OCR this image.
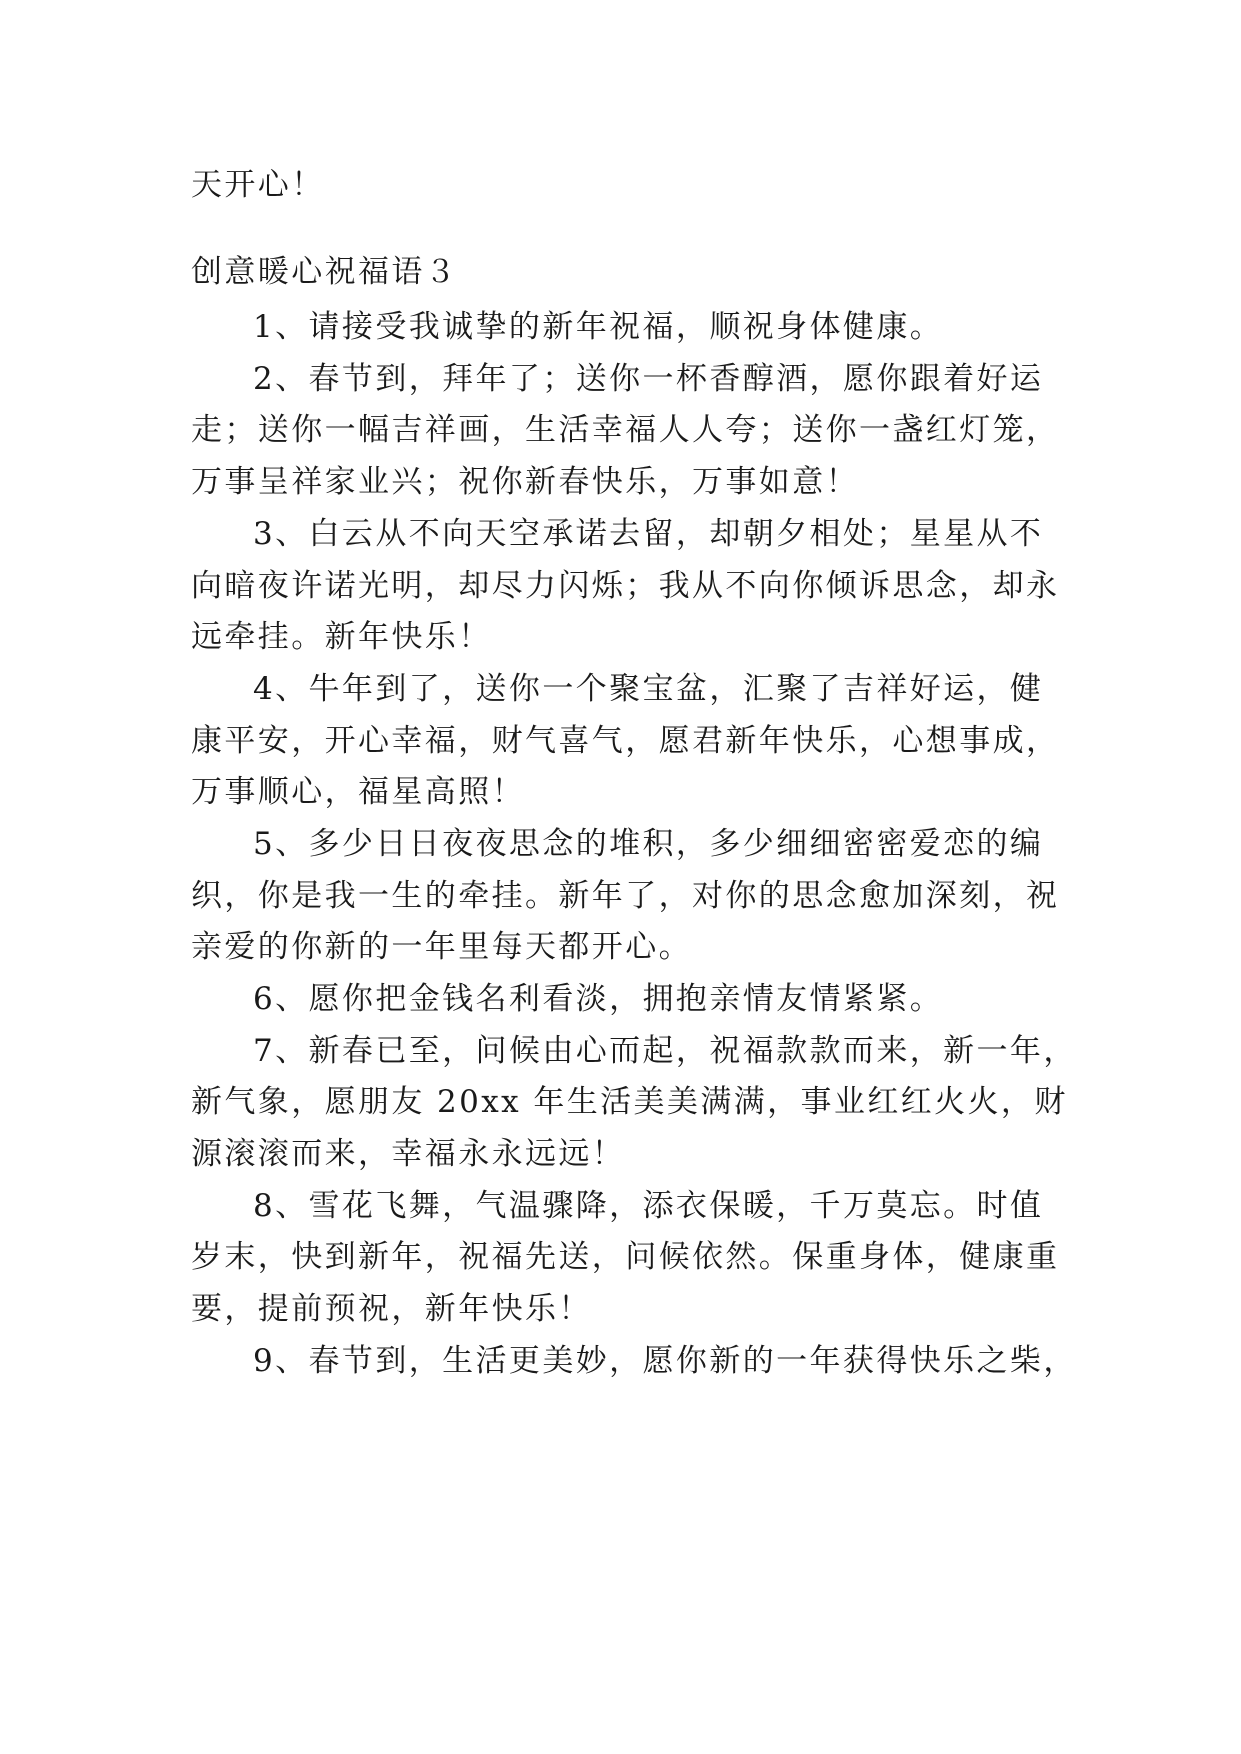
天开心！
创意暖心祝福语３
1、请接受我诚挚的新年祝福，顺祝身体健康。
2、春节到，拜年了；送你一杯香醇酒，愿你跟着好运
走；送你一幅吉祥画，生活幸福人人夸；送你一盏红灯笼，
万事呈祥家业兴；祝你新春快乐，万事如意！
3、白云从不向天空承诺去留，却朝夕相处；星星从不
向暗夜许诺光明，却尽力闪烁；我从不向你倾诉思念，却永
远牵挂。新年快乐！
4、牛年到了，送你一个聚宝盆，汇聚了吉祥好运，健
康平安，开心幸福，财气喜气，愿君新年快乐，心想事成，
万事顺心，福星高照！
5、多少日日夜夜思念的堆积，多少细细密密爱恋的编
织，你是我一生的牵挂。新年了，对你的思念愈加深刻，祝
亲爱的你新的一年里每天都开心。
6、愿你把金钱名利看淡，拥抱亲情友情紧紧。
7、新春已至，问候由心而起，祝福款款而来，新一年，
新气象，愿朋友 20xx 年生活美美满满，事业红红火火，财
源滚滚而来，幸福永永远远！
8、雪花飞舞，气温骤降，添衣保暖，千万莫忘。时值
岁末，快到新年，祝福先送，问候依然。保重身体，健康重
要，提前预祝，新年快乐！
9、春节到，生活更美妙，愿你新的一年获得快乐之柴，
